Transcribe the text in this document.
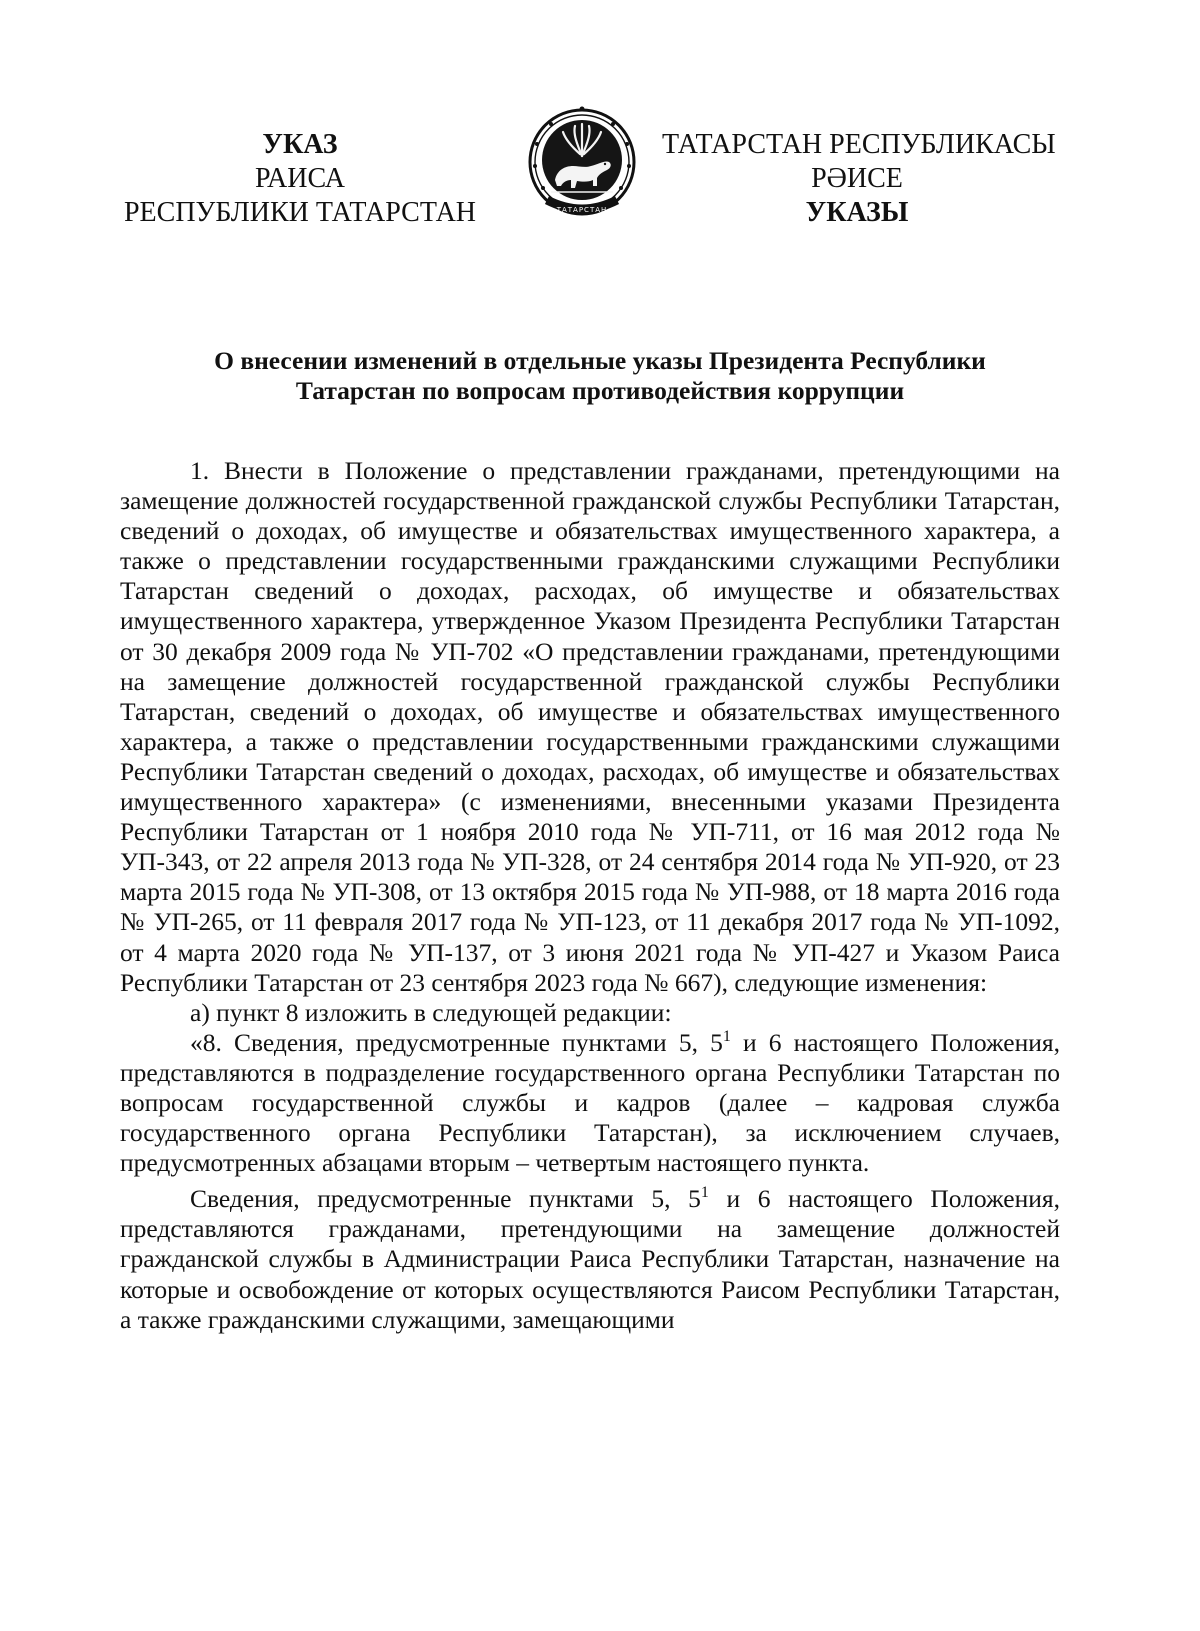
УКАЗ
РАИСА
РЕСПУБЛИКИ ТАТАРСТАН	ТАТАРСТАН
ТАТАРСТАН РЕСПУБЛИКАСЫ
РӘИСЕ
УКАЗЫ
О внесении изменений в отдельные указы Президента Республики
Татарстан по вопросам противодействия коррупции

1. Внести в Положение о представлении гражданами, претендующими на замещение должностей государственной гражданской службы Республики Татарстан, сведений о доходах, об имуществе и обязательствах имущественного характера, а также о представлении государственными гражданскими служащими Республики Татарстан сведений о доходах, расходах, об имуществе и обязательствах имущественного характера, утвержденное Указом Президента Республики Татарстан от 30 декабря 2009 года № УП-702 «О представлении гражданами, претендующими на замещение должностей государственной гражданской службы Республики Татарстан, сведений о доходах, об имуществе и обязательствах имущественного характера, а также о представлении государственными гражданскими служащими Республики Татарстан сведений о доходах, расходах, об имуществе и обязательствах имущественного характера» (с изменениями, внесенными указами Президента Республики Татарстан от 1 ноября 2010 года № УП-711, от 16 мая 2012 года № УП-343, от 22 апреля 2013 года № УП-328, от 24 сентября 2014 года № УП-920, от 23 марта 2015 года № УП-308, от 13 октября 2015 года № УП-988, от 18 марта 2016 года № УП-265, от 11 февраля 2017 года № УП-123, от 11 декабря 2017 года № УП-1092, от 4 марта 2020 года № УП-137, от 3 июня 2021 года № УП-427 и Указом Раиса Республики Татарстан от 23 сентября 2023 года № 667), следующие изменения:

а) пункт 8 изложить в следующей редакции:

«8. Сведения, предусмотренные пунктами 5, $5^1$ и 6 настоящего Положения, представляются в подразделение государственного органа Республики Татарстан по вопросам государственной службы и кадров (далее – кадровая служба государственного органа Республики Татарстан), за исключением случаев, предусмотренных абзацами вторым – четвертым настоящего пункта.

Сведения, предусмотренные пунктами 5, $5^1$ и 6 настоящего Положения, представляются гражданами, претендующими на замещение должностей гражданской службы в Администрации Раиса Республики Татарстан, назначение на которые и освобождение от которых осуществляются Раисом Республики Татарстан, а также гражданскими служащими, замещающими
